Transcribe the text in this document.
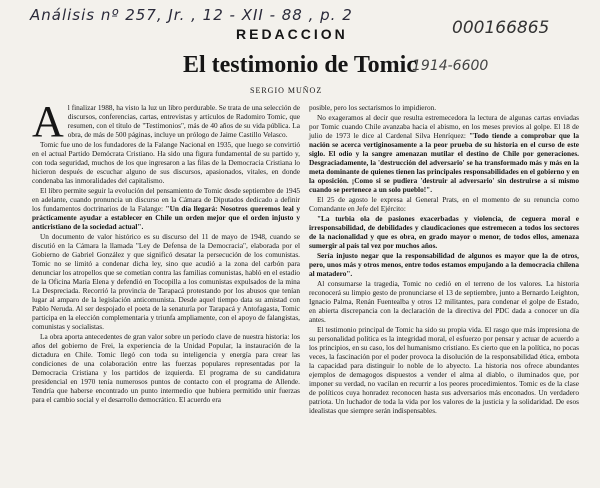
Análisis nº 257, Jr. , 12 - XII - 88 , p. 2
000166865
1914-6600
REDACCION
El testimonio de Tomic
SERGIO MUÑOZ

Al finalizar 1988, ha visto la luz un libro perdurable. Se trata de una selección de discursos, conferencias, cartas, entrevistas y artículos de Radomiro Tomic, que resumen, con el título de "Testimonios", más de 40 años de su vida pública. La obra, de más de 500 páginas, incluye un prólogo de Jaime Castillo Velasco.

Tomic fue uno de los fundadores de la Falange Nacional en 1935, que luego se convirtió en el actual Partido Demócrata Cristiano. Ha sido una figura fundamental de su partido y, con toda seguridad, muchos de los que ingresaron a las filas de la Democracia Cristiana lo hicieron después de escuchar alguno de sus discursos, apasionados, vitales, en donde condenaba las inmoralidades del capitalismo.

El libro permite seguir la evolución del pensamiento de Tomic desde septiembre de 1945 en adelante, cuando pronuncia un discurso en la Cámara de Diputados dedicado a definir los fundamentos doctrinarios de la Falange: "Un día llegará: Nosotros queremos leal y prácticamente ayudar a establecer en Chile un orden mejor que el orden injusto y anticristiano de la sociedad actual".

Un documento de valor histórico es su discurso del 11 de mayo de 1948, cuando se discutió en la Cámara la llamada "Ley de Defensa de la Democracia", elaborada por el Gobierno de Gabriel González y que significó desatar la persecución de los comunistas. Tomic no se limitó a condenar dicha ley, sino que acudió a la zona del carbón para denunciar los atropellos que se cometían contra las familias comunistas, habló en el estadio de la Oficina María Elena y defendió en Tocopilla a los comunistas expulsados de la mina La Despreciada. Recorrió la provincia de Tarapacá protestando por los abusos que tenían lugar al amparo de la legislación anticomunista. Desde aquel tiempo data su amistad con Pablo Neruda. Al ser despojado el poeta de la senaturía por Tarapacá y Antofagasta, Tomic participa en la elección complementaria y triunfa ampliamente, con el apoyo de falangistas, comunistas y socialistas.

La obra aporta antecedentes de gran valor sobre un período clave de nuestra historia: los años del gobierno de Frei, la experiencia de la Unidad Popular, la instauración de la dictadura en Chile. Tomic llegó con toda su inteligencia y energía para crear las condiciones de una colaboración entre las fuerzas populares representadas por la Democracia Cristiana y los partidos de izquierda. El programa de su candidatura presidencial en 1970 tenía numerosos puntos de contacto con el programa de Allende. Tendría que haberse encontrado un punto intermedio que hubiera permitido unir fuerzas para el cambio social y el desarrollo democrático. El acuerdo era

posible, pero los sectarismos lo impidieron.

No exageramos al decir que resulta estremecedora la lectura de algunas cartas enviadas por Tomic cuando Chile avanzaba hacia el abismo, en los meses previos al golpe. El 18 de julio de 1973 le dice al Cardenal Silva Henríquez: "Todo tiende a comprobar que la nación se acerca vertiginosamente a la peor prueba de su historia en el curso de este siglo. El odio y la sangre amenazan mutilar el destino de Chile por generaciones. Desgraciadamente, la 'destrucción del adversario' se ha transformado más y más en la meta dominante de quienes tienen las principales responsabilidades en el gobierno y en la oposición. ¡Como si se pudiera 'destruir al adversario' sin destruirse a sí mismo cuando se pertenece a un solo pueblo!".

El 25 de agosto le expresa al General Prats, en el momento de su renuncia como Comandante en Jefe del Ejército:

"La turbia ola de pasiones exacerbadas y violencia, de ceguera moral e irresponsabilidad, de debilidades y claudicaciones que estremecen a todos los sectores de la nacionalidad y que es obra, en grado mayor o menor, de todos ellos, amenaza sumergir al país tal vez por muchos años.

Sería injusto negar que la responsabilidad de algunos es mayor que la de otros, pero, unos más y otros menos, entre todos estamos empujando a la democracia chilena al matadero".

Al consumarse la tragedia, Tomic no cedió en el terreno de los valores. La historia reconocerá su limpio gesto de pronunciarse el 13 de septiembre, junto a Bernardo Leighton, Ignacio Palma, Renán Fuentealba y otros 12 militantes, para condenar el golpe de Estado, en abierta discrepancia con la declaración de la directiva del PDC dada a conocer un día antes.

El testimonio principal de Tomic ha sido su propia vida. El rasgo que más impresiona de su personalidad política es la integridad moral, el esfuerzo por pensar y actuar de acuerdo a los principios, en su caso, los del humanismo cristiano. Es cierto que en la política, no pocas veces, la fascinación por el poder provoca la disolución de la responsabilidad ética, embota la capacidad para distinguir lo noble de lo abyecto. La historia nos ofrece abundantes ejemplos de demagogos dispuestos a vender el alma al diablo, o iluminados que, por imponer su verdad, no vacilan en recurrir a los peores procedimientos. Tomic es de la clase de políticos cuya honradez reconocen hasta sus adversarios más enconados. Un verdadero patriota. Un luchador de toda la vida por los valores de la justicia y la solidaridad. De esos idealistas que siempre serán indispensables.
